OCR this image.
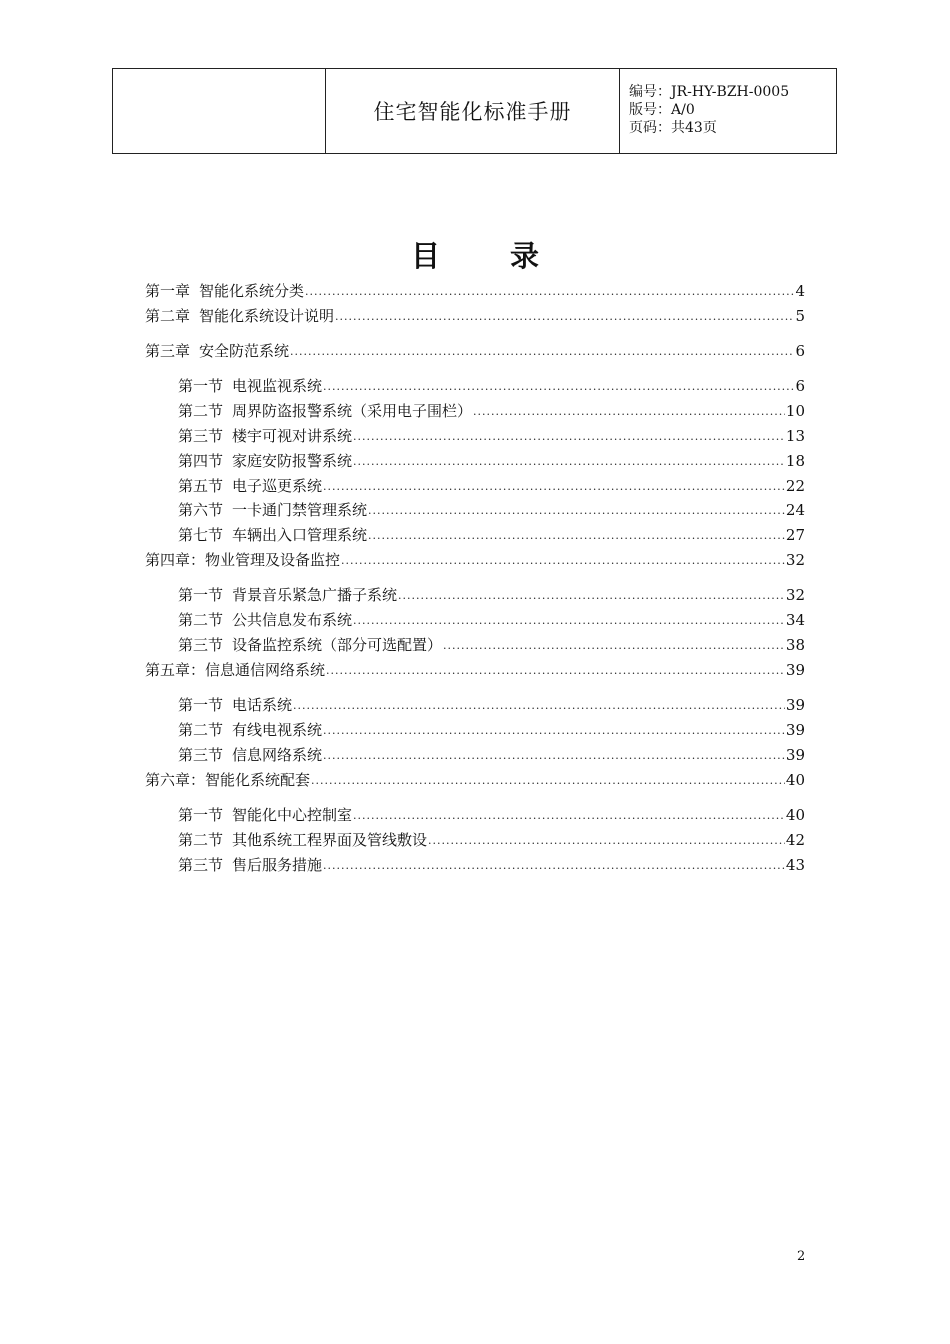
住宅智能化标准手册
编号：JR-HY-BZH-0005
版号：A/0
页码：共43页
目 录
第一章 智能化系统分类 .....	4
第二章 智能化系统设计说明 .....	5
第三章 安全防范系统 .....	6
第一节 电视监视系统 .....	6
第二节 周界防盗报警系统（采用电子围栏） .....	10
第三节 楼宇可视对讲系统 .....	13
第四节 家庭安防报警系统 .....	18
第五节 电子巡更系统 .....	22
第六节 一卡通门禁管理系统 .....	24
第七节 车辆出入口管理系统 .....	27
第四章： 物业管理及设备监控 .....	32
第一节 背景音乐紧急广播子系统 .....	32
第二节 公共信息发布系统 .....	34
第三节 设备监控系统（部分可选配置） .....	38
第五章： 信息通信网络系统 .....	39
第一节 电话系统 .....	39
第二节 有线电视系统 .....	39
第三节 信息网络系统 .....	39
第六章： 智能化系统配套 .....	40
第一节 智能化中心控制室 .....	40
第二节 其他系统工程界面及管线敷设 .....	42
第三节 售后服务措施 .....	43
2
